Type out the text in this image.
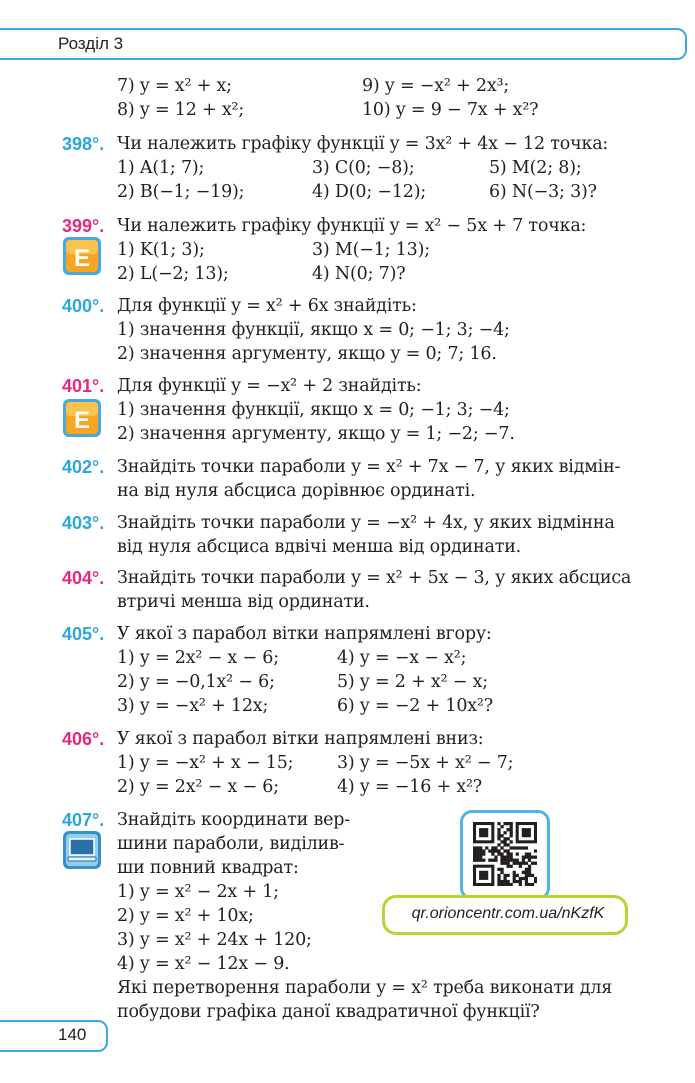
Розділ 3
7) y = x² + x;	9) y = −x² + 2x³;
8) y = 12 + x²;	10) y = 9 − 7x + x²?
Чи належить графіку функції y = 3x² + 4x − 12 точка:
1) A(1; 7);	3) C(0; −8);	5) M(2; 8);
2) B(−1; −19);	4) D(0; −12);	6) N(−3; 3)?
Чи належить графіку функції y = x² − 5x + 7 точка:
1) K(1; 3);	3) M(−1; 13);
2) L(−2; 13);	4) N(0; 7)?
Для функції y = x² + 6x знайдіть:
1) значення функції, якщо x = 0; −1; 3; −4;
2) значення аргументу, якщо y = 0; 7; 16.
Для функції y = −x² + 2 знайдіть:
1) значення функції, якщо x = 0; −1; 3; −4;
2) значення аргументу, якщо y = 1; −2; −7.
Знайдіть точки параболи y = x² + 7x − 7, у яких відмін-
на від нуля абсциса дорівнює ординаті.
Знайдіть точки параболи y = −x² + 4x, у яких відмінна
від нуля абсциса вдвічі менша від ординати.
Знайдіть точки параболи y = x² + 5x − 3, у яких абсциса
втричі менша від ординати.
У якої з парабол вітки напрямлені вгору:
1) y = 2x² − x − 6;	4) y = −x − x²;
2) y = −0,1x² − 6;	5) y = 2 + x² − x;
3) y = −x² + 12x;	6) y = −2 + 10x²?
У якої з парабол вітки напрямлені вниз:
1) y = −x² + x − 15; 3) y = −5x + x² − 7;
2) y = 2x² − x − 6;	4) y = −16 + x²?
Знайдіть координати вер-
шини параболи, виділив-
ши повний квадрат:
1) y = x² − 2x + 1;
2) y = x² + 10x;
3) y = x² + 24x + 120;
4) y = x² − 12x − 9.
Які перетворення параболи y = x² треба виконати для
побудови графіка даної квадратичної функції?
398°.
399°.
400°.
401°.
402°.
403°.
404°.
405°.
406°.
407°.
E
E
qr.orioncentr.com.ua/nKzfK
140
